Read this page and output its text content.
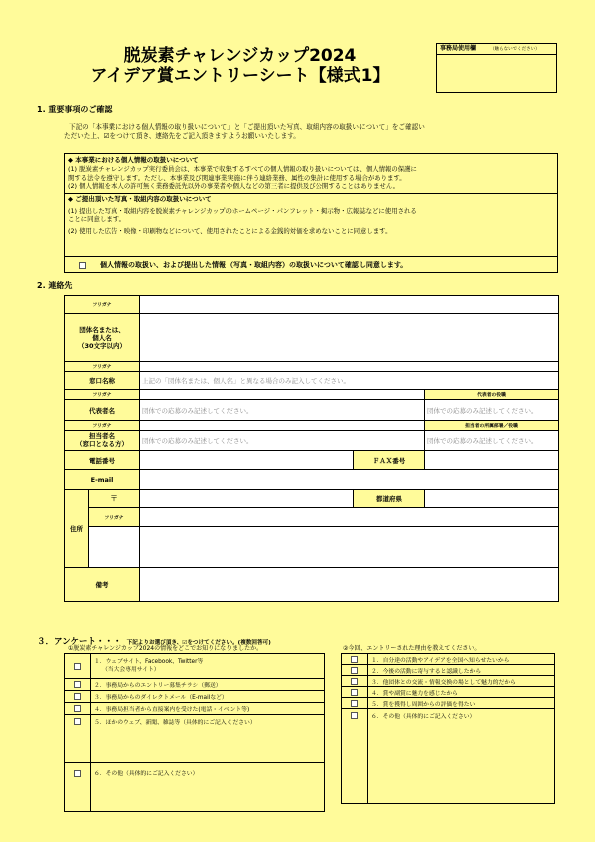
脱炭素チャレンジカップ2024
アイデア賞エントリーシート【様式1】
事務局使用欄	（触らないでください）
1. 重要事項のご確認
下記の「本事業における個人情報の取り扱いについて」と「ご提出頂いた写真、取組内容の取扱いについて」をご確認い
ただいた上、☑をつけて頂き、連絡先をご記入頂きますようお願いいたします。
◆ 本事業における個人情報の取扱いについて
(1) 脱炭素チャレンジカップ実行委員会は、本事業で収集するすべての個人情報の取り扱いについては、個人情報の保護に
関する法令を遵守します。ただし、本事業及び関連事業実施に伴う連絡業務、属性の集計に使用する場合があります。
(2) 個人情報を本人の許可無く業務委託先以外の事業者や個人などの第三者に提供及び公開することはありません。
◆ ご提出頂いた写真・取組内容の取扱いについて
(1) 提出した写真・取組内容を脱炭素チャレンジカップのホームページ・パンフレット・掲示物・広報誌などに使用される
ことに同意します。
(2) 使用した広告・映像・印刷物などについて、使用されたことによる金銭的対価を求めないことに同意します。
個人情報の取扱い、および提出した情報（写真・取組内容）の取扱いについて確認し同意します。
2. 連絡先
フリガナ				

団体名または、
個人名
（30文字以内）				

フリガナ				
窓口名称		上記の「団体名または、個人名」と異なる場合のみ記入してください。		
フリガナ				代表者の役職
代表者名		団体での応募のみ記述してください。		団体での応募のみ記述してください。
フリガナ				担当者の所属部署／役職

担当者名
（窓口となる方）		団体での応募のみ記述してください。		団体での応募のみ記述してください。
電話番号			ＦＡＸ番号	
E-mail				
住所	〒		都道府県	
	フリガナ			

備考				
３．アンケート・・・ 下記よりお選び頂き、☑をつけてください。(複数回答可)
①脱炭素チャレンジカップ2024の情報をどこでお知りになりましたか。	②今回、エントリーされた理由を教えてください。

	１．ウェブサイト、Facebook、Twitter等
（当大会専用サイト）

	２．事務局からのエントリー募集チラシ（郵送）
	３．事務局からのダイレクトメール（E-mailなど）
	４．事務局担当者から直接案内を受けた(電話・イベント等)
	５．ほかのウェブ、新聞、雑誌等（具体的にご記入ください）
	６．その他（具体的にご記入ください）
	１．自分達の活動やアイデアを全国へ知らせたいから
	２．今後の活動に寄与すると認識したから
	３．他団体との交流・情報交換の場として魅力的だから
	４．賞や副賞に魅力を感じたから
	５．賞を獲得し周囲からの評価を得たい
	６．その他（具体的にご記入ください）
